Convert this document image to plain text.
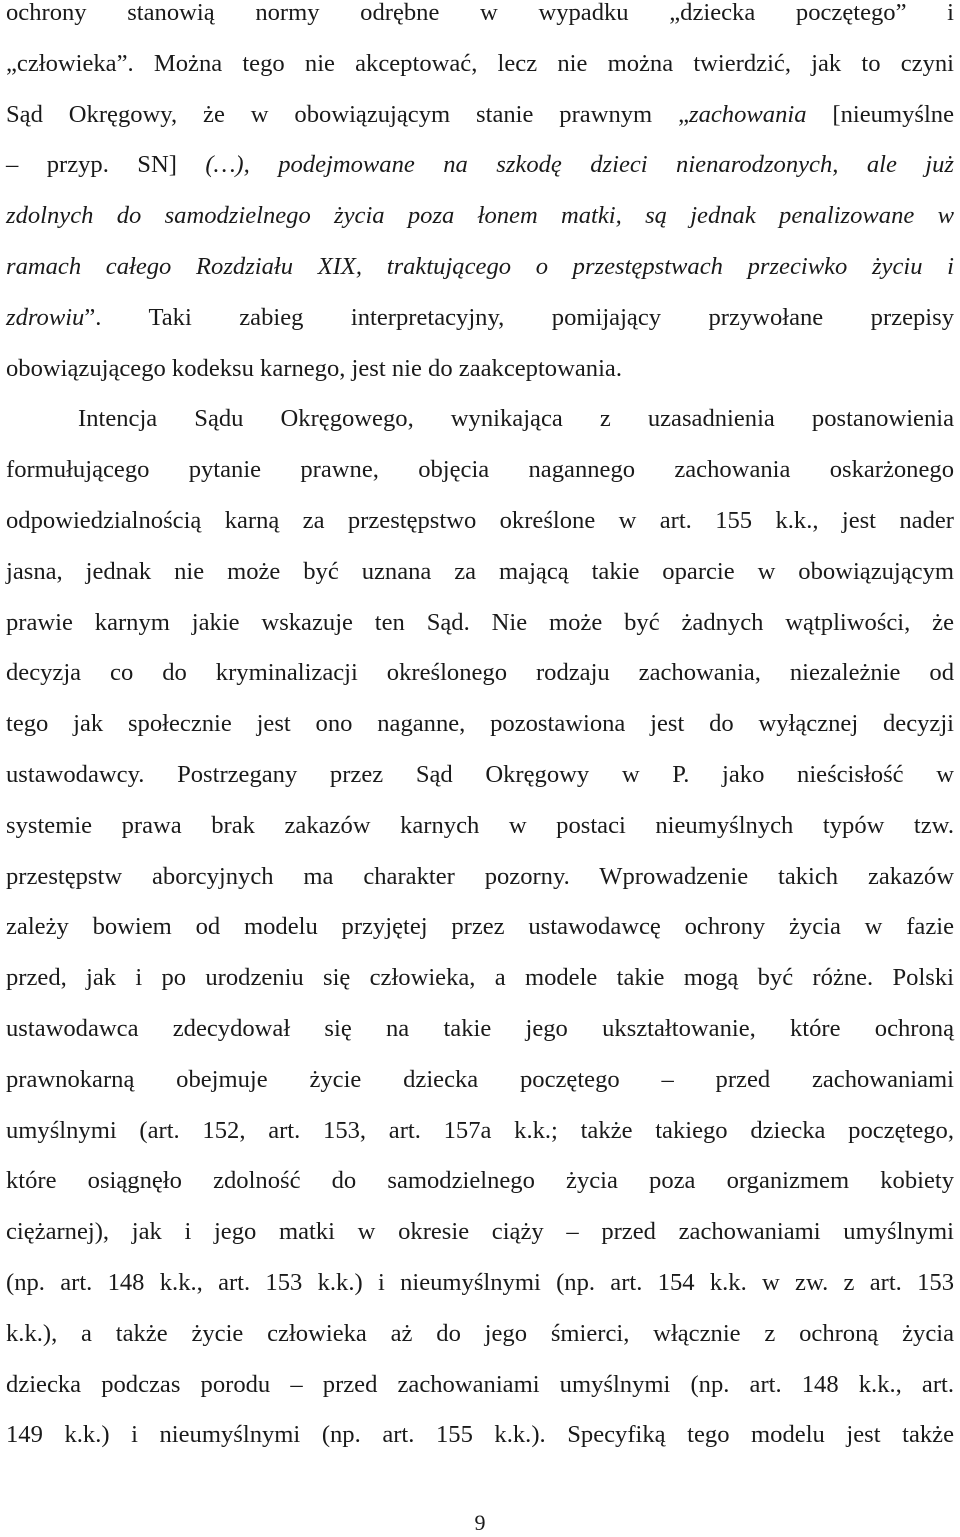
ochrony stanowią normy odrębne w wypadku „dziecka poczętego” i
„człowieka”. Można tego nie akceptować, lecz nie można twierdzić, jak to czyni
Sąd Okręgowy, że w obowiązującym stanie prawnym „zachowania [nieumyślne
– przyp. SN] (…), podejmowane na szkodę dzieci nienarodzonych, ale już
zdolnych do samodzielnego życia poza łonem matki, są jednak penalizowane w
ramach całego Rozdziału XIX, traktującego o przestępstwach przeciwko życiu i
zdrowiu”. Taki zabieg interpretacyjny, pomijający przywołane przepisy
obowiązującego kodeksu karnego, jest nie do zaakceptowania.
Intencja Sądu Okręgowego, wynikająca z uzasadnienia postanowienia
formułującego pytanie prawne, objęcia nagannego zachowania oskarżonego
odpowiedzialnością karną za przestępstwo określone w art. 155 k.k., jest nader
jasna, jednak nie może być uznana za mającą takie oparcie w obowiązującym
prawie karnym jakie wskazuje ten Sąd. Nie może być żadnych wątpliwości, że
decyzja co do kryminalizacji określonego rodzaju zachowania, niezależnie od
tego jak społecznie jest ono naganne, pozostawiona jest do wyłącznej decyzji
ustawodawcy. Postrzegany przez Sąd Okręgowy w P. jako nieścisłość w
systemie prawa brak zakazów karnych w postaci nieumyślnych typów tzw.
przestępstw aborcyjnych ma charakter pozorny. Wprowadzenie takich zakazów
zależy bowiem od modelu przyjętej przez ustawodawcę ochrony życia w fazie
przed, jak i po urodzeniu się człowieka, a modele takie mogą być różne. Polski
ustawodawca zdecydował się na takie jego ukształtowanie, które ochroną
prawnokarną obejmuje życie dziecka poczętego – przed zachowaniami
umyślnymi (art. 152, art. 153, art. 157a k.k.; także takiego dziecka poczętego,
które osiągnęło zdolność do samodzielnego życia poza organizmem kobiety
ciężarnej), jak i jego matki w okresie ciąży – przed zachowaniami umyślnymi
(np. art. 148 k.k., art. 153 k.k.) i nieumyślnymi (np. art. 154 k.k. w zw. z art. 153
k.k.), a także życie człowieka aż do jego śmierci, włącznie z ochroną życia
dziecka podczas porodu – przed zachowaniami umyślnymi (np. art. 148 k.k., art.
149 k.k.) i nieumyślnymi (np. art. 155 k.k.). Specyfiką tego modelu jest także
9
